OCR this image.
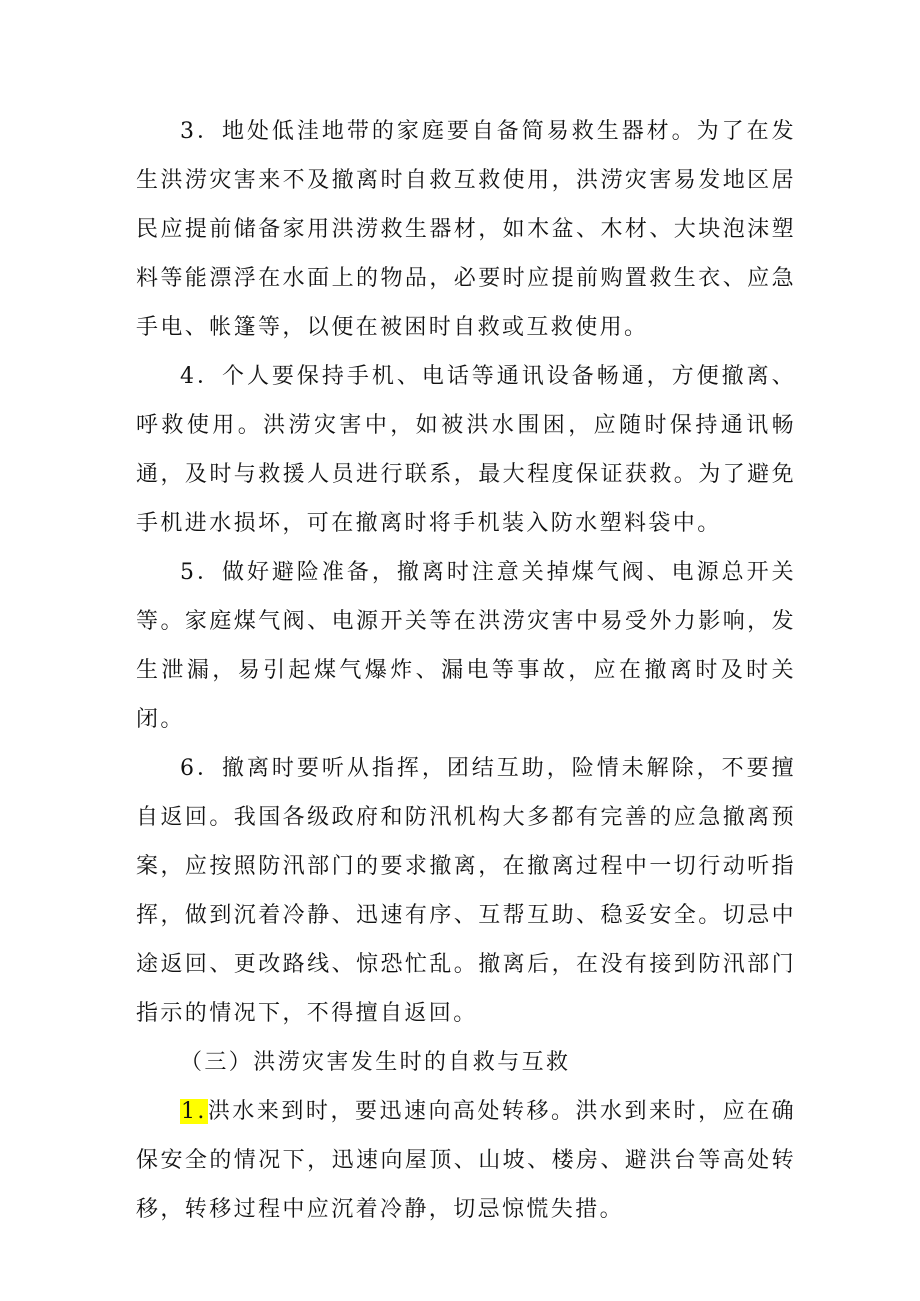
3．地处低洼地带的家庭要自备简易救生器材。为了在发生洪涝灾害来不及撤离时自救互救使用，洪涝灾害易发地区居民应提前储备家用洪涝救生器材，如木盆、木材、大块泡沫塑料等能漂浮在水面上的物品，必要时应提前购置救生衣、应急手电、帐篷等，以便在被困时自救或互救使用。

4．个人要保持手机、电话等通讯设备畅通，方便撤离、呼救使用。洪涝灾害中，如被洪水围困，应随时保持通讯畅通，及时与救援人员进行联系，最大程度保证获救。为了避免手机进水损坏，可在撤离时将手机装入防水塑料袋中。

5．做好避险准备，撤离时注意关掉煤气阀、电源总开关等。家庭煤气阀、电源开关等在洪涝灾害中易受外力影响，发生泄漏，易引起煤气爆炸、漏电等事故，应在撤离时及时关闭。

6．撤离时要听从指挥，团结互助，险情未解除，不要擅自返回。我国各级政府和防汛机构大多都有完善的应急撤离预案，应按照防汛部门的要求撤离，在撤离过程中一切行动听指挥，做到沉着冷静、迅速有序、互帮互助、稳妥安全。切忌中途返回、更改路线、惊恐忙乱。撤离后，在没有接到防汛部门指示的情况下，不得擅自返回。

（三）洪涝灾害发生时的自救与互救

1.洪水来到时，要迅速向高处转移。洪水到来时，应在确保安全的情况下，迅速向屋顶、山坡、楼房、避洪台等高处转移，转移过程中应沉着冷静，切忌惊慌失措。
